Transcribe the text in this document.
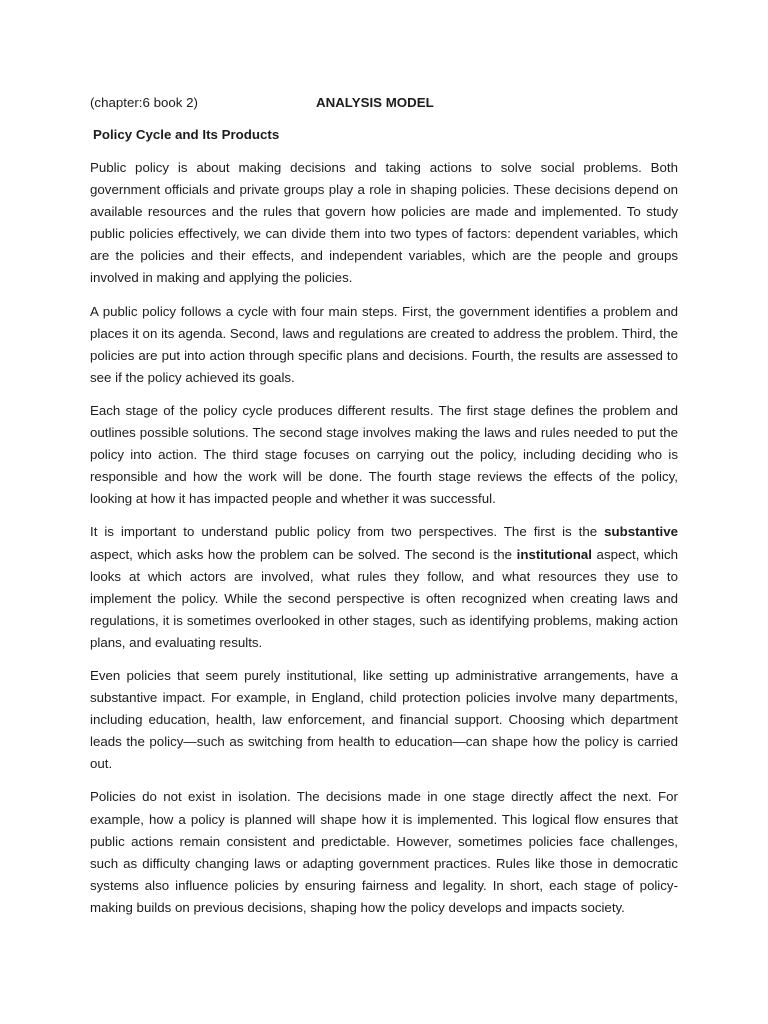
(chapter:6 book 2)	ANALYSIS MODEL
Policy Cycle and Its Products

Public policy is about making decisions and taking actions to solve social problems. Both government officials and private groups play a role in shaping policies. These decisions depend on available resources and the rules that govern how policies are made and implemented. To study public policies effectively, we can divide them into two types of factors: dependent variables, which are the policies and their effects, and independent variables, which are the people and groups involved in making and applying the policies.

A public policy follows a cycle with four main steps. First, the government identifies a problem and places it on its agenda. Second, laws and regulations are created to address the problem. Third, the policies are put into action through specific plans and decisions. Fourth, the results are assessed to see if the policy achieved its goals.

Each stage of the policy cycle produces different results. The first stage defines the problem and outlines possible solutions. The second stage involves making the laws and rules needed to put the policy into action. The third stage focuses on carrying out the policy, including deciding who is responsible and how the work will be done. The fourth stage reviews the effects of the policy, looking at how it has impacted people and whether it was successful.

It is important to understand public policy from two perspectives. The first is the substantive aspect, which asks how the problem can be solved. The second is the institutional aspect, which looks at which actors are involved, what rules they follow, and what resources they use to implement the policy. While the second perspective is often recognized when creating laws and regulations, it is sometimes overlooked in other stages, such as identifying problems, making action plans, and evaluating results.

Even policies that seem purely institutional, like setting up administrative arrangements, have a substantive impact. For example, in England, child protection policies involve many departments, including education, health, law enforcement, and financial support. Choosing which department leads the policy—such as switching from health to education—can shape how the policy is carried out.

Policies do not exist in isolation. The decisions made in one stage directly affect the next. For example, how a policy is planned will shape how it is implemented. This logical flow ensures that public actions remain consistent and predictable. However, sometimes policies face challenges, such as difficulty changing laws or adapting government practices. Rules like those in democratic systems also influence policies by ensuring fairness and legality. In short, each stage of policy-making builds on previous decisions, shaping how the policy develops and impacts society.
